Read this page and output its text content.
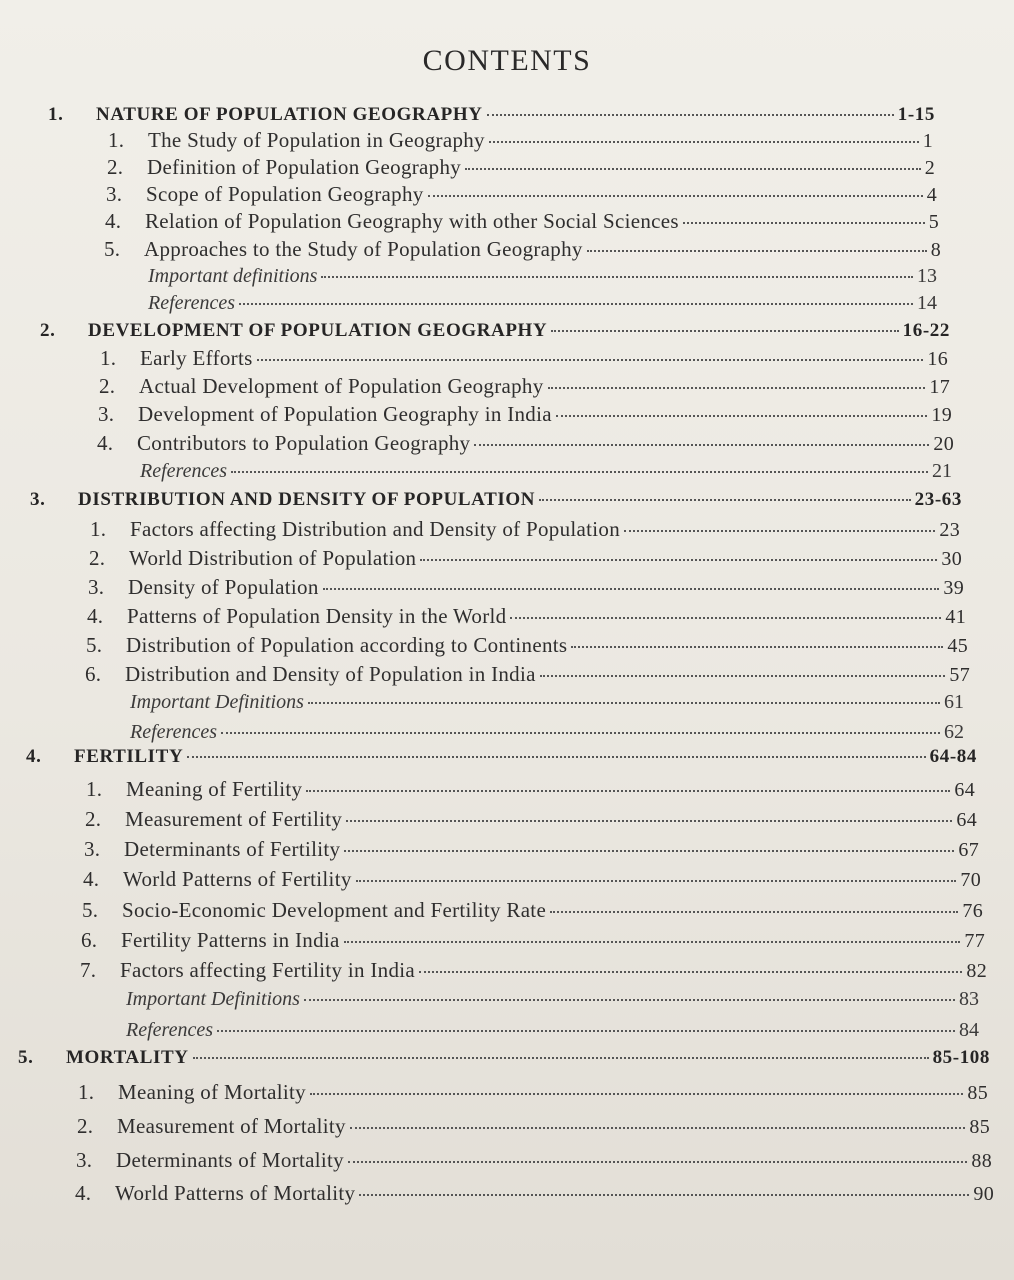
CONTENTS
1.	NATURE OF POPULATION GEOGRAPHY	1-15
1.	The Study of Population in Geography	1
2.	Definition of Population Geography	2
3.	Scope of Population Geography	4
4.	Relation of Population Geography with other Social Sciences	5
5.	Approaches to the Study of Population Geography	8
Important definitions	13
References	14
2.	DEVELOPMENT OF POPULATION GEOGRAPHY	16-22
1.	Early Efforts	16
2.	Actual Development of Population Geography	17
3.	Development of Population Geography in India	19
4.	Contributors to Population Geography	20
References	21
3.	DISTRIBUTION AND DENSITY OF POPULATION	23-63
1.	Factors affecting Distribution and Density of Population	23
2.	World Distribution of Population	30
3.	Density of Population	39
4.	Patterns of Population Density in the World	41
5.	Distribution of Population according to Continents	45
6.	Distribution and Density of Population in India	57
Important Definitions	61
References	62
4.	FERTILITY	64-84
1.	Meaning of Fertility	64
2.	Measurement of Fertility	64
3.	Determinants of Fertility	67
4.	World Patterns of Fertility	70
5.	Socio-Economic Development and Fertility Rate	76
6.	Fertility Patterns in India	77
7.	Factors affecting Fertility in India	82
Important Definitions	83
References	84
5.	MORTALITY	85-108
1.	Meaning of Mortality	85
2.	Measurement of Mortality	85
3.	Determinants of Mortality	88
4.	World Patterns of Mortality	90
